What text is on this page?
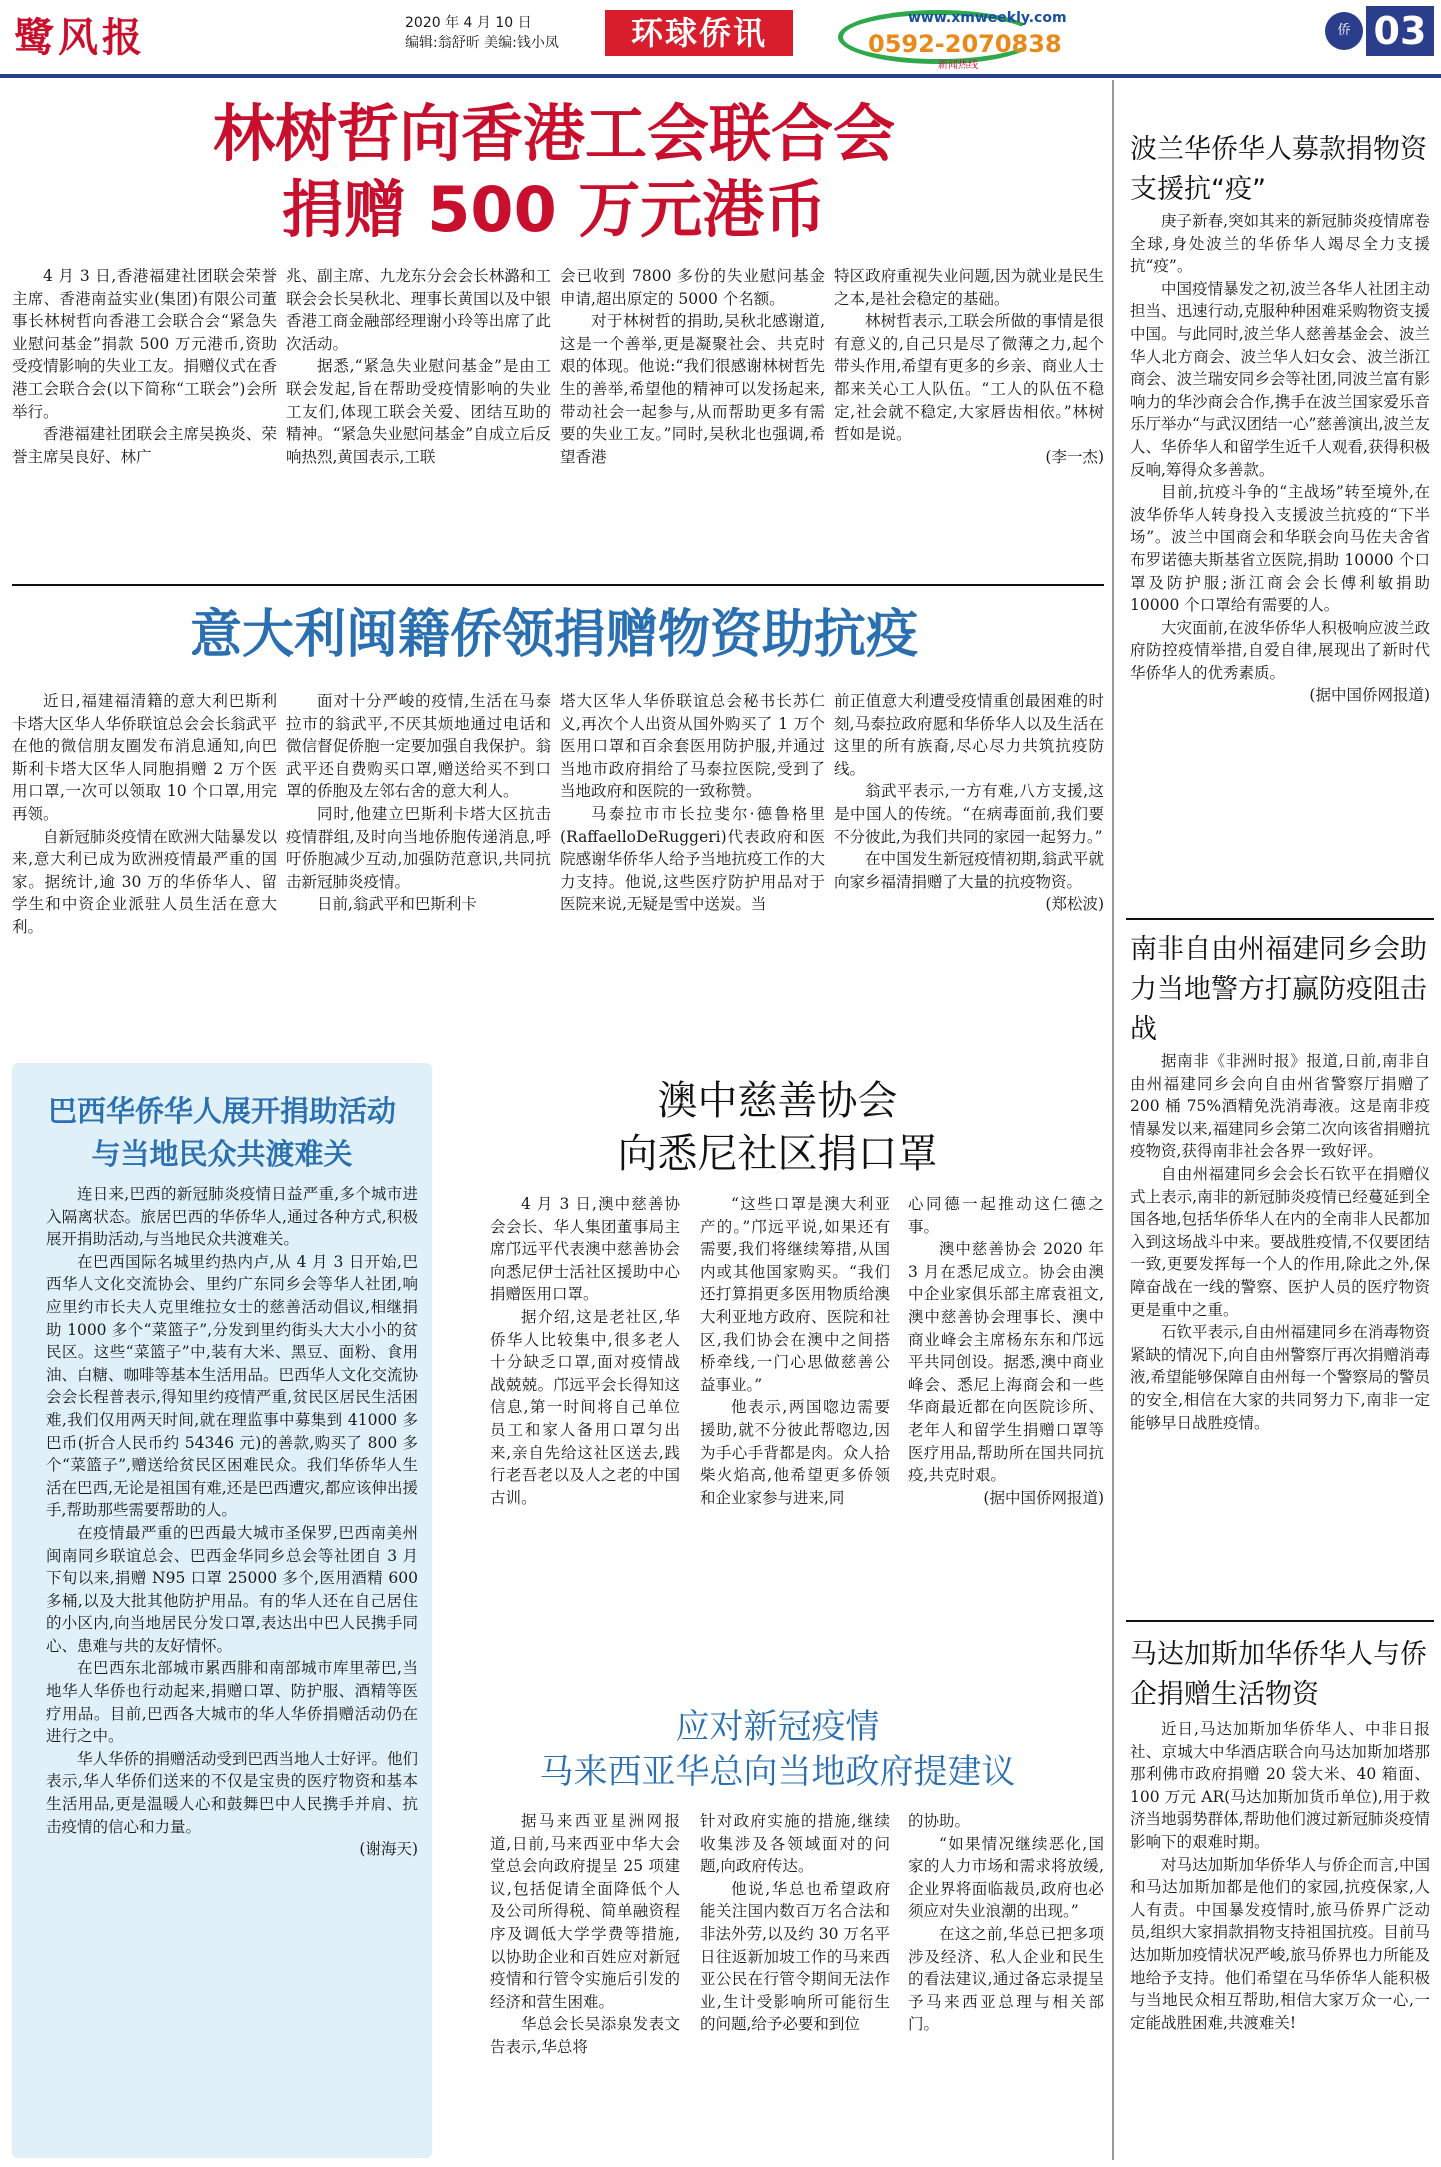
鹭风报	2020 年 4 月 10 日
编辑:翁舒昕 美编:钱小凤	环球侨讯	www.xmweekly.com
0592-2070838
新闻热线
侨 03
林树哲向香港工会联合会
捐赠 500 万元港币

4 月 3 日,香港福建社团联会荣誉主席、香港南益实业(集团)有限公司董事长林树哲向香港工会联合会“紧急失业慰问基金”捐款 500 万元港币,资助受疫情影响的失业工友。捐赠仪式在香港工会联合会(以下简称“工联会”)会所举行。

香港福建社团联会主席吴换炎、荣誉主席吴良好、林广

兆、副主席、九龙东分会会长林潞和工联会会长吴秋北、理事长黄国以及中银香港工商金融部经理谢小玲等出席了此次活动。

据悉,“紧急失业慰问基金”是由工联会发起,旨在帮助受疫情影响的失业工友们,体现工联会关爱、团结互助的精神。“紧急失业慰问基金”自成立后反响热烈,黄国表示,工联

会已收到 7800 多份的失业慰问基金申请,超出原定的 5000 个名额。

对于林树哲的捐助,吴秋北感谢道,这是一个善举,更是凝聚社会、共克时艰的体现。他说:“我们很感谢林树哲先生的善举,希望他的精神可以发扬起来,带动社会一起参与,从而帮助更多有需要的失业工友。”同时,吴秋北也强调,希望香港

特区政府重视失业问题,因为就业是民生之本,是社会稳定的基础。

林树哲表示,工联会所做的事情是很有意义的,自己只是尽了微薄之力,起个带头作用,希望有更多的乡亲、商业人士都来关心工人队伍。“工人的队伍不稳定,社会就不稳定,大家唇齿相依。”林树哲如是说。

(李一杰)

意大利闽籍侨领捐赠物资助抗疫

近日,福建福清籍的意大利巴斯利卡塔大区华人华侨联谊总会会长翁武平在他的微信朋友圈发布消息通知,向巴斯利卡塔大区华人同胞捐赠 2 万个医用口罩,一次可以领取 10 个口罩,用完再领。

自新冠肺炎疫情在欧洲大陆暴发以来,意大利已成为欧洲疫情最严重的国家。据统计,逾 30 万的华侨华人、留学生和中资企业派驻人员生活在意大利。

面对十分严峻的疫情,生活在马泰拉市的翁武平,不厌其烦地通过电话和微信督促侨胞一定要加强自我保护。翁武平还自费购买口罩,赠送给买不到口罩的侨胞及左邻右舍的意大利人。

同时,他建立巴斯利卡塔大区抗击疫情群组,及时向当地侨胞传递消息,呼吁侨胞减少互动,加强防范意识,共同抗击新冠肺炎疫情。

日前,翁武平和巴斯利卡

塔大区华人华侨联谊总会秘书长苏仁义,再次个人出资从国外购买了 1 万个医用口罩和百余套医用防护服,并通过当地市政府捐给了马泰拉医院,受到了当地政府和医院的一致称赞。

马泰拉市市长拉斐尔·德鲁格里(RaffaelloDeRuggeri)代表政府和医院感谢华侨华人给予当地抗疫工作的大力支持。他说,这些医疗防护用品对于医院来说,无疑是雪中送炭。当

前正值意大利遭受疫情重创最困难的时刻,马泰拉政府愿和华侨华人以及生活在这里的所有族裔,尽心尽力共筑抗疫防线。

翁武平表示,一方有难,八方支援,这是中国人的传统。“在病毒面前,我们要不分彼此,为我们共同的家园一起努力。”

在中国发生新冠疫情初期,翁武平就向家乡福清捐赠了大量的抗疫物资。

(郑松波)

巴西华侨华人展开捐助活动
与当地民众共渡难关

连日来,巴西的新冠肺炎疫情日益严重,多个城市进入隔离状态。旅居巴西的华侨华人,通过各种方式,积极展开捐助活动,与当地民众共渡难关。

在巴西国际名城里约热内卢,从 4 月 3 日开始,巴西华人文化交流协会、里约广东同乡会等华人社团,响应里约市长夫人克里维拉女士的慈善活动倡议,相继捐助 1000 多个“菜篮子”,分发到里约街头大大小小的贫民区。这些“菜篮子”中,装有大米、黑豆、面粉、食用油、白糖、咖啡等基本生活用品。巴西华人文化交流协会会长程普表示,得知里约疫情严重,贫民区居民生活困难,我们仅用两天时间,就在理监事中募集到 41000 多巴币(折合人民币约 54346 元)的善款,购买了 800 多个“菜篮子”,赠送给贫民区困难民众。我们华侨华人生活在巴西,无论是祖国有难,还是巴西遭灾,都应该伸出援手,帮助那些需要帮助的人。

在疫情最严重的巴西最大城市圣保罗,巴西南美州闽南同乡联谊总会、巴西金华同乡总会等社团自 3 月下旬以来,捐赠 N95 口罩 25000 多个,医用酒精 600 多桶,以及大批其他防护用品。有的华人还在自己居住的小区内,向当地居民分发口罩,表达出中巴人民携手同心、患难与共的友好情怀。

在巴西东北部城市累西腓和南部城市库里蒂巴,当地华人华侨也行动起来,捐赠口罩、防护服、酒精等医疗用品。目前,巴西各大城市的华人华侨捐赠活动仍在进行之中。

华人华侨的捐赠活动受到巴西当地人士好评。他们表示,华人华侨们送来的不仅是宝贵的医疗物资和基本生活用品,更是温暖人心和鼓舞巴中人民携手并肩、抗击疫情的信心和力量。

(谢海天)

澳中慈善协会
向悉尼社区捐口罩

4 月 3 日,澳中慈善协会会长、华人集团董事局主席邝远平代表澳中慈善协会向悉尼伊士活社区援助中心捐赠医用口罩。

据介绍,这是老社区,华侨华人比较集中,很多老人十分缺乏口罩,面对疫情战战兢兢。邝远平会长得知这信息,第一时间将自己单位员工和家人备用口罩匀出来,亲自先给这社区送去,践行老吾老以及人之老的中国古训。

“这些口罩是澳大利亚产的。”邝远平说,如果还有需要,我们将继续筹措,从国内或其他国家购买。“我们还打算捐更多医用物质给澳大利亚地方政府、医院和社区,我们协会在澳中之间搭桥牵线,一门心思做慈善公益事业。”

他表示,两国唿边需要援助,就不分彼此帮唿边,因为手心手背都是肉。众人拾柴火焰高,他希望更多侨领和企业家参与进来,同

心同德一起推动这仁德之事。

澳中慈善协会 2020 年 3 月在悉尼成立。协会由澳中企业家俱乐部主席袁祖文,澳中慈善协会理事长、澳中商业峰会主席杨东东和邝远平共同创设。据悉,澳中商业峰会、悉尼上海商会和一些华商最近都在向医院诊所、老年人和留学生捐赠口罩等医疗用品,帮助所在国共同抗疫,共克时艰。

(据中国侨网报道)

应对新冠疫情
马来西亚华总向当地政府提建议

据马来西亚星洲网报道,日前,马来西亚中华大会堂总会向政府提呈 25 项建议,包括促请全面降低个人及公司所得税、简单融资程序及调低大学学费等措施,以协助企业和百姓应对新冠疫情和行管令实施后引发的经济和营生困难。

华总会长吴添泉发表文告表示,华总将

针对政府实施的措施,继续收集涉及各领域面对的问题,向政府传达。

他说,华总也希望政府能关注国内数百万名合法和非法外劳,以及约 30 万名平日往返新加坡工作的马来西亚公民在行管令期间无法作业,生计受影响所可能衍生的问题,给予必要和到位

的协助。

“如果情况继续恶化,国家的人力市场和需求将放缓,企业界将面临裁员,政府也必须应对失业浪潮的出现。”

在这之前,华总已把多项涉及经济、私人企业和民生的看法建议,通过备忘录提呈予马来西亚总理与相关部门。

波兰华侨华人募款捐物资支援抗“疫”

庚子新春,突如其来的新冠肺炎疫情席卷全球,身处波兰的华侨华人竭尽全力支援抗“疫”。

中国疫情暴发之初,波兰各华人社团主动担当、迅速行动,克服种种困难采购物资支援中国。与此同时,波兰华人慈善基金会、波兰华人北方商会、波兰华人妇女会、波兰浙江商会、波兰瑞安同乡会等社团,同波兰富有影响力的华沙商会合作,携手在波兰国家爱乐音乐厅举办“与武汉团结一心”慈善演出,波兰友人、华侨华人和留学生近千人观看,获得积极反响,筹得众多善款。

目前,抗疫斗争的“主战场”转至境外,在波华侨华人转身投入支援波兰抗疫的“下半场”。波兰中国商会和华联会向马佐夫舍省布罗诺德夫斯基省立医院,捐助 10000 个口罩及防护服;浙江商会会长傅利敏捐助 10000 个口罩给有需要的人。

大灾面前,在波华侨华人积极响应波兰政府防控疫情举措,自爱自律,展现出了新时代华侨华人的优秀素质。

(据中国侨网报道)

南非自由州福建同乡会助力当地警方打赢防疫阻击战

据南非《非洲时报》报道,日前,南非自由州福建同乡会向自由州省警察厅捐赠了 200 桶 75%酒精免洗消毒液。这是南非疫情暴发以来,福建同乡会第二次向该省捐赠抗疫物资,获得南非社会各界一致好评。

自由州福建同乡会会长石钦平在捐赠仪式上表示,南非的新冠肺炎疫情已经蔓延到全国各地,包括华侨华人在内的全南非人民都加入到这场战斗中来。要战胜疫情,不仅要团结一致,更要发挥每一个人的作用,除此之外,保障奋战在一线的警察、医护人员的医疗物资更是重中之重。

石钦平表示,自由州福建同乡在消毒物资紧缺的情况下,向自由州警察厅再次捐赠消毒液,希望能够保障自由州每一个警察局的警员的安全,相信在大家的共同努力下,南非一定能够早日战胜疫情。

马达加斯加华侨华人与侨企捐赠生活物资

近日,马达加斯加华侨华人、中非日报社、京城大中华酒店联合向马达加斯加塔那那利佛市政府捐赠 20 袋大米、40 箱面、100 万元 AR(马达加斯加货币单位),用于救济当地弱势群体,帮助他们渡过新冠肺炎疫情影响下的艰难时期。

对马达加斯加华侨华人与侨企而言,中国和马达加斯加都是他们的家园,抗疫保家,人人有责。中国暴发疫情时,旅马侨界广泛动员,组织大家捐款捐物支持祖国抗疫。目前马达加斯加疫情状况严峻,旅马侨界也力所能及地给予支持。他们希望在马华侨华人能积极与当地民众相互帮助,相信大家万众一心,一定能战胜困难,共渡难关!
